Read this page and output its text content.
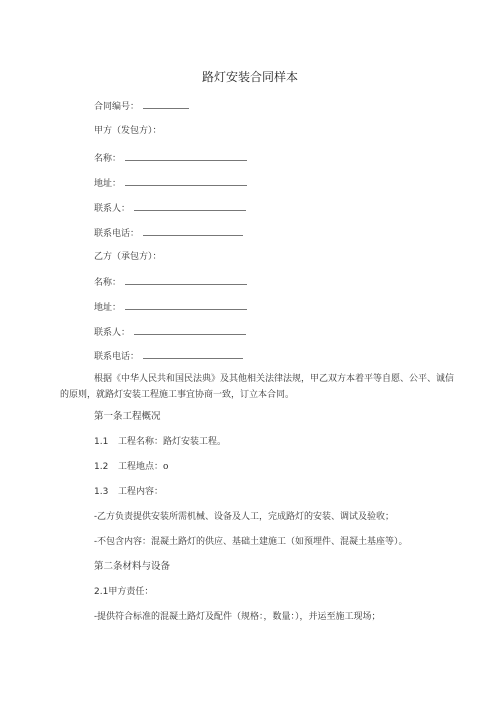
路灯安装合同样本
合同编号：
甲方（发包方）：
名称：
地址：
联系人：
联系电话：
乙方（承包方）：
名称：
地址：
联系人：
联系电话：
根据《中华人民共和国民法典》及其他相关法律法规，甲乙双方本着平等自愿、公平、诚信的原则，就路灯安装工程施工事宜协商一致，订立本合同。
第一条工程概况
1.1 工程名称：路灯安装工程。
1.2 工程地点：o
1.3 工程内容：
-乙方负责提供安装所需机械、设备及人工，完成路灯的安装、调试及验收；
-不包含内容：混凝土路灯的供应、基础土建施工（如预埋件、混凝土基座等）。
第二条材料与设备
2.1甲方责任：
-提供符合标准的混凝土路灯及配件（规格：，数量：），并运至施工现场；
